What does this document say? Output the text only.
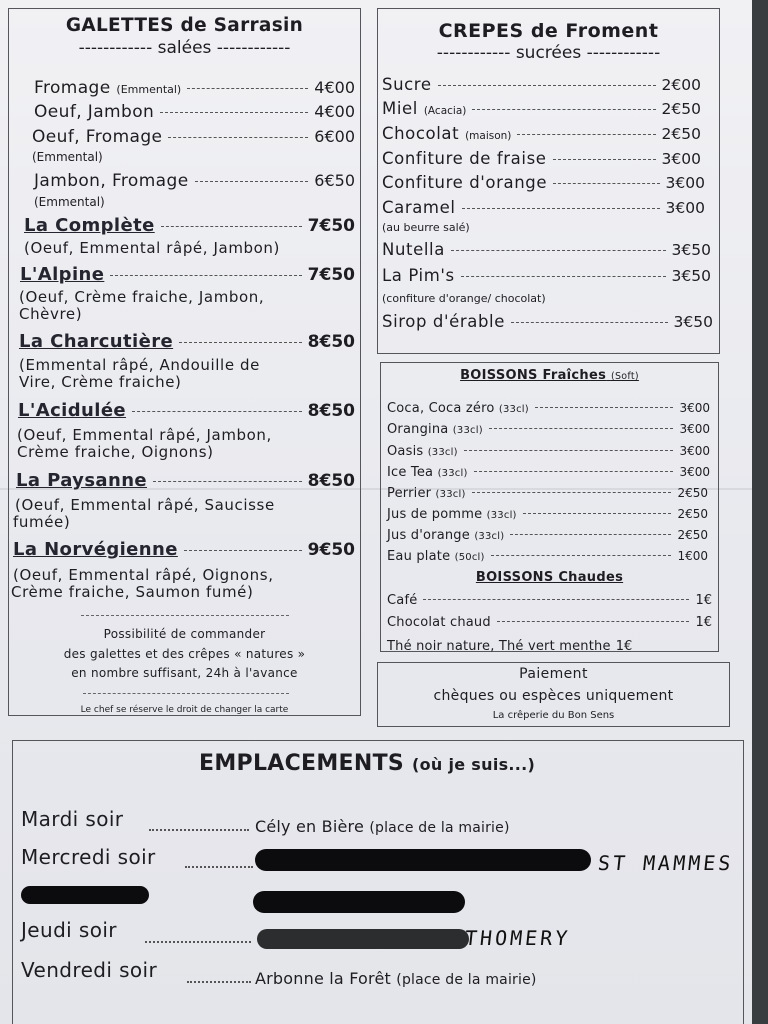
GALETTES de Sarrasin
------------ salées ------------
Fromage (Emmental)	4€00
Oeuf, Jambon	4€00
Oeuf, Fromage	6€00
(Emmental)
Jambon, Fromage	6€50
(Emmental)
La Complète	7€50
(Oeuf, Emmental râpé, Jambon)
L'Alpine	7€50
(Oeuf, Crème fraiche, Jambon,
Chèvre)
La Charcutière	8€50
(Emmental râpé, Andouille de
Vire, Crème fraiche)
L'Acidulée	8€50
(Oeuf, Emmental râpé, Jambon,
Crème fraiche, Oignons)
La Paysanne	8€50
(Oeuf, Emmental râpé, Saucisse
fumée)
La Norvégienne	9€50
(Oeuf, Emmental râpé, Oignons,
Crème fraiche, Saumon fumé)
Possibilité de commander
des galettes et des crêpes « natures »
en nombre suffisant, 24h à l'avance
Le chef se réserve le droit de changer la carte
CREPES de Froment
------------ sucrées ------------
Sucre	2€00
Miel (Acacia)	2€50
Chocolat (maison)	2€50
Confiture de fraise	3€00
Confiture d'orange	3€00
Caramel	3€00
(au beurre salé)
Nutella	3€50
La Pim's	3€50
(confiture d'orange/ chocolat)
Sirop d'érable	3€50
BOISSONS Fraîches (Soft)
Coca, Coca zéro (33cl)	3€00
Orangina (33cl)	3€00
Oasis (33cl)	3€00
Ice Tea (33cl)	3€00
Perrier (33cl)	2€50
Jus de pomme (33cl)	2€50
Jus d'orange (33cl)	2€50
Eau plate (50cl)	1€00
BOISSONS Chaudes
Café	1€
Chocolat chaud	1€
Thé noir nature, Thé vert menthe
1€
Paiement
chèques ou espèces uniquement
La crêperie du Bon Sens
EMPLACEMENTS (où je suis...)
Mardi soir	Cély en Bière (place de la mairie)
Mercredi soir	ST MAMMES
Jeudi soir	THOMERY
Vendredi soir	Arbonne la Forêt (place de la mairie)
